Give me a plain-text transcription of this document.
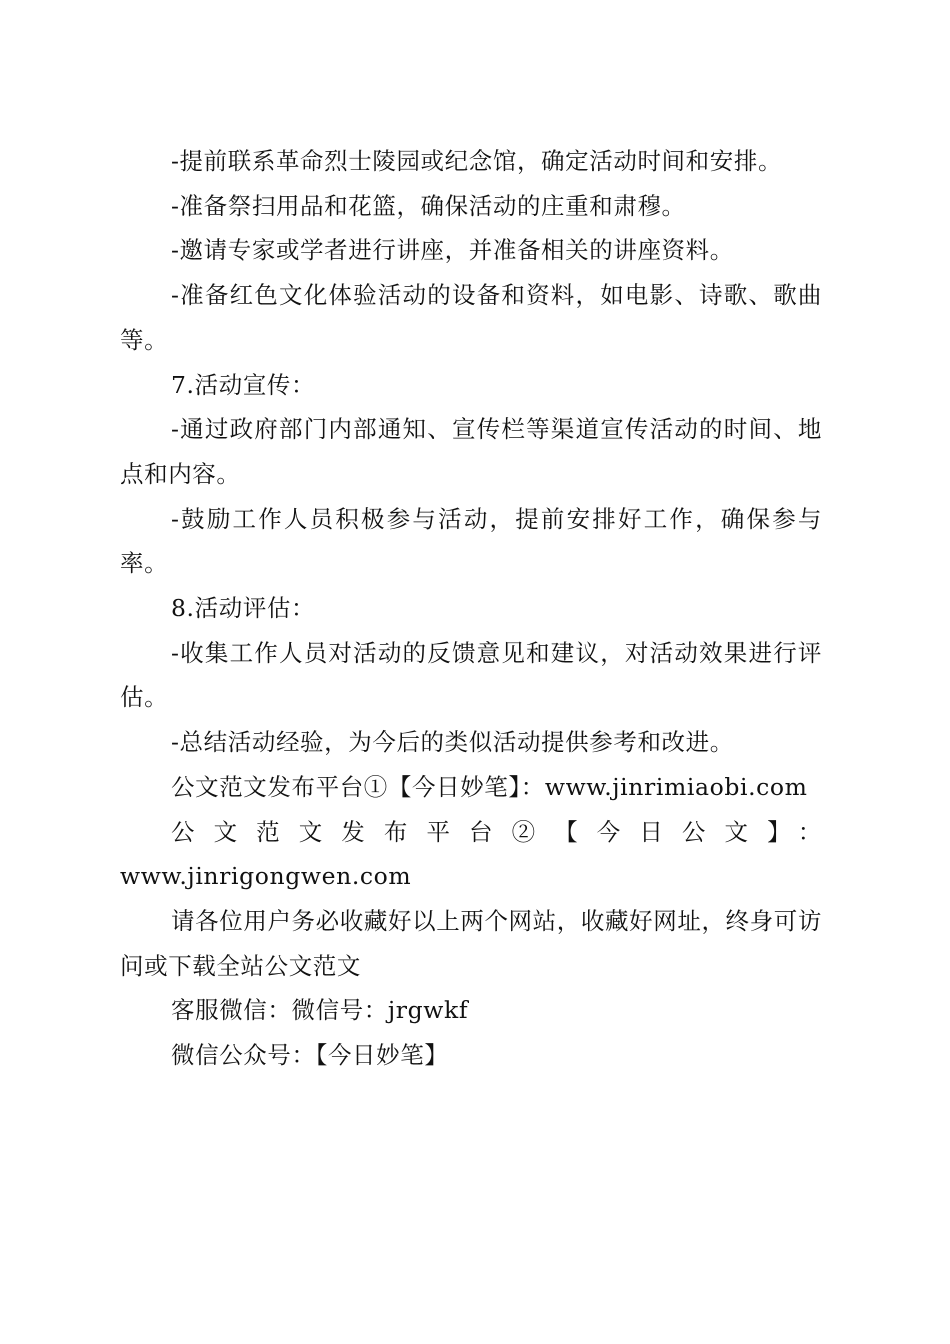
-提前联系革命烈士陵园或纪念馆，确定活动时间和安排。

-准备祭扫用品和花篮，确保活动的庄重和肃穆。

-邀请专家或学者进行讲座，并准备相关的讲座资料。

-准备红色文化体验活动的设备和资料，如电影、诗歌、歌曲等。

7.活动宣传：

-通过政府部门内部通知、宣传栏等渠道宣传活动的时间、地点和内容。

-鼓励工作人员积极参与活动，提前安排好工作，确保参与率。

8.活动评估：

-收集工作人员对活动的反馈意见和建议，对活动效果进行评估。

-总结活动经验，为今后的类似活动提供参考和改进。

公文范文发布平台①【今日妙笔】：www.jinrimiaobi.com

公文范文发布平台②【今日公文】：

www.jinrigongwen.com

请各位用户务必收藏好以上两个网站，收藏好网址，终身可访问或下载全站公文范文

客服微信：微信号：jrgwkf

微信公众号：【今日妙笔】
